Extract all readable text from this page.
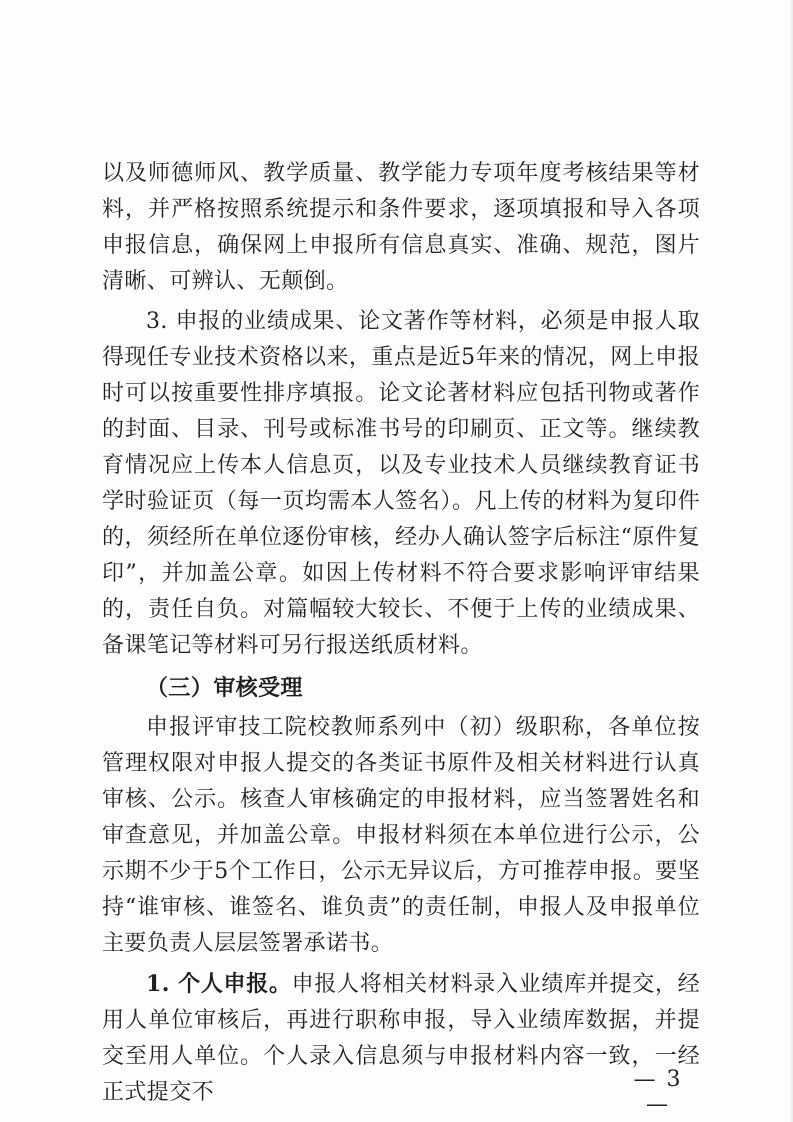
以及师德师风、教学质量、教学能力专项年度考核结果等材料，并严格按照系统提示和条件要求，逐项填报和导入各项申报信息，确保网上申报所有信息真实、准确、规范，图片清晰、可辨认、无颠倒。

3. 申报的业绩成果、论文著作等材料，必须是申报人取得现任专业技术资格以来，重点是近5年来的情况，网上申报时可以按重要性排序填报。论文论著材料应包括刊物或著作的封面、目录、刊号或标准书号的印刷页、正文等。继续教育情况应上传本人信息页，以及专业技术人员继续教育证书学时验证页（每一页均需本人签名）。凡上传的材料为复印件的，须经所在单位逐份审核，经办人确认签字后标注“原件复印”，并加盖公章。如因上传材料不符合要求影响评审结果的，责任自负。对篇幅较大较长、不便于上传的业绩成果、备课笔记等材料可另行报送纸质材料。

（三）审核受理

申报评审技工院校教师系列中（初）级职称，各单位按管理权限对申报人提交的各类证书原件及相关材料进行认真审核、公示。核查人审核确定的申报材料，应当签署姓名和审查意见，并加盖公章。申报材料须在本单位进行公示，公示期不少于5个工作日，公示无异议后，方可推荐申报。要坚持“谁审核、谁签名、谁负责”的责任制，申报人及申报单位主要负责人层层签署承诺书。

1. 个人申报。申报人将相关材料录入业绩库并提交，经用人单位审核后，再进行职称申报，导入业绩库数据，并提交至用人单位。个人录入信息须与申报材料内容一致，一经正式提交不

— 3 —
